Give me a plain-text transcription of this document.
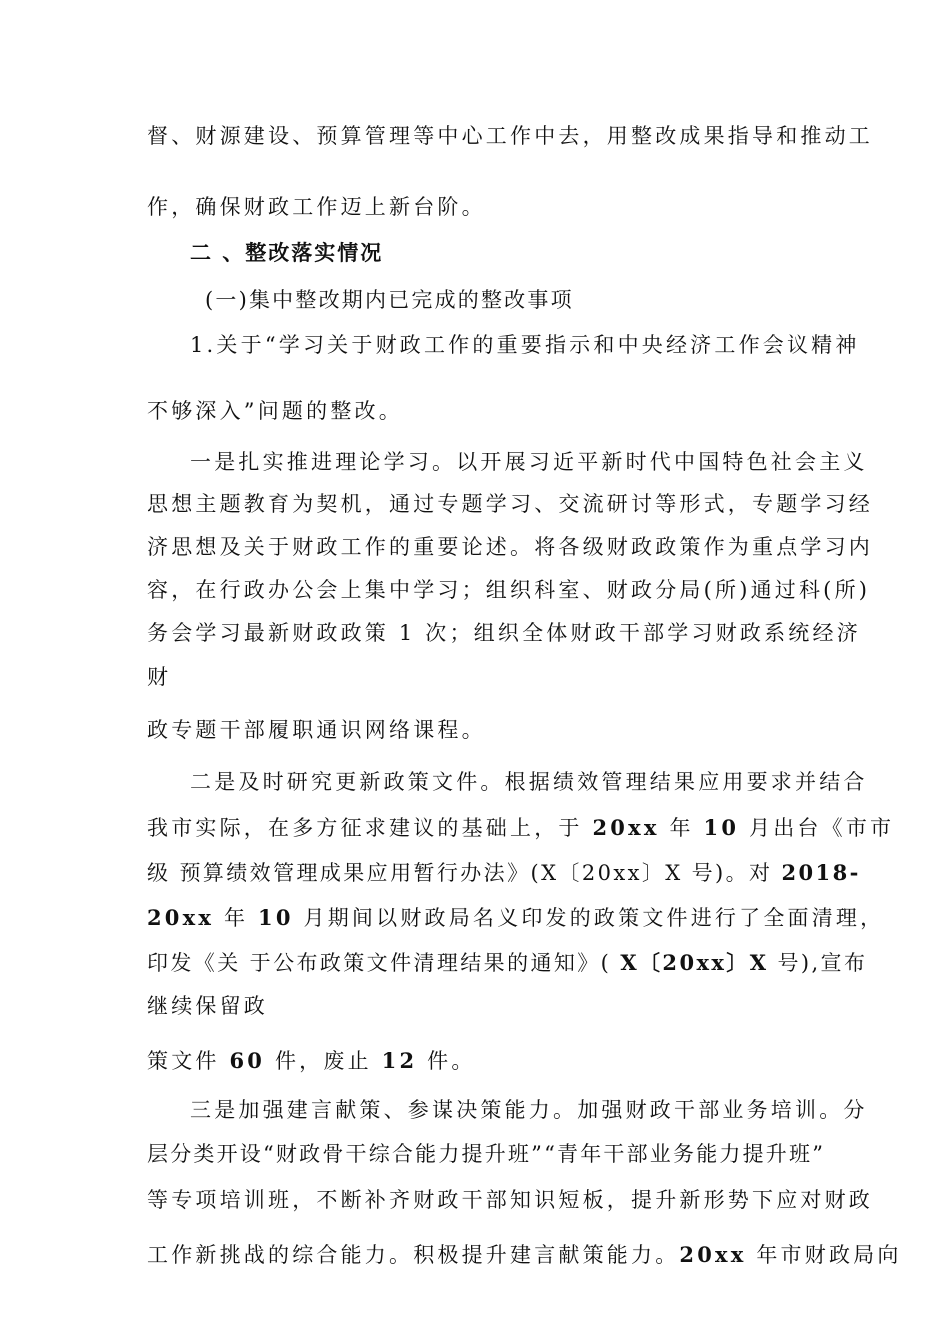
督、财源建设、预算管理等中心工作中去，用整改成果指导和推动工
作，确保财政工作迈上新台阶。
二 、整改落实情况
(一)集中整改期内已完成的整改事项
1.关于“学习关于财政工作的重要指示和中央经济工作会议精神
不够深入”问题的整改。
一是扎实推进理论学习。以开展习近平新时代中国特色社会主义
思想主题教育为契机，通过专题学习、交流研讨等形式，专题学习经
济思想及关于财政工作的重要论述。将各级财政政策作为重点学习内
容，在行政办公会上集中学习；组织科室、财政分局(所)通过科(所)
务会学习最新财政政策 1 次；组织全体财政干部学习财政系统经济
财
政专题干部履职通识网络课程。
二是及时研究更新政策文件。根据绩效管理结果应用要求并结合
我市实际，在多方征求建议的基础上，于 20xx 年 10 月出台《市市
级 预算绩效管理成果应用暂行办法》(X〔20xx〕X 号)。对 2018-
20xx 年 10 月期间以财政局名义印发的政策文件进行了全面清理，
印发《关 于公布政策文件清理结果的通知》( X〔20xx〕X 号),宣布
继续保留政
策文件 60 件，废止 12 件。
三是加强建言献策、参谋决策能力。加强财政干部业务培训。分
层分类开设“财政骨干综合能力提升班”“青年干部业务能力提升班”
等专项培训班，不断补齐财政干部知识短板，提升新形势下应对财政
工作新挑战的综合能力。积极提升建言献策能力。20xx 年市财政局向
